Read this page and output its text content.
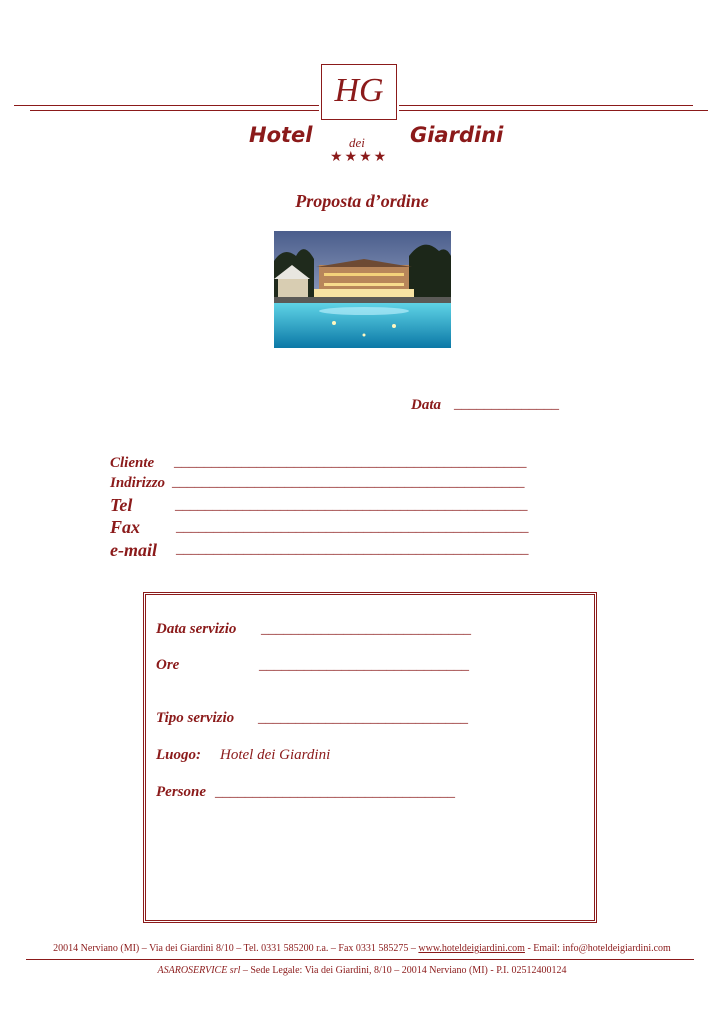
HG
Hotel	Giardini
dei
★★★★
Proposta d’ordine
Data ______________
Cliente _______________________________________________
Indirizzo _______________________________________________
Tel	_______________________________________________
Fax _______________________________________________
e-mail _______________________________________________
Data servizio ____________________________
Ore	____________________________
Tipo servizio ____________________________
Luogo: Hotel dei Giardini
Persone ________________________________
20014 Nerviano (MI) – Via dei Giardini 8/10 – Tel. 0331 585200 r.a. – Fax 0331 585275 – www.hoteldeigiardini.com - Email: info@hoteldeigiardini.com
ASAROSERVICE srl – Sede Legale: Via dei Giardini, 8/10 – 20014 Nerviano (MI) - P.I. 02512400124
